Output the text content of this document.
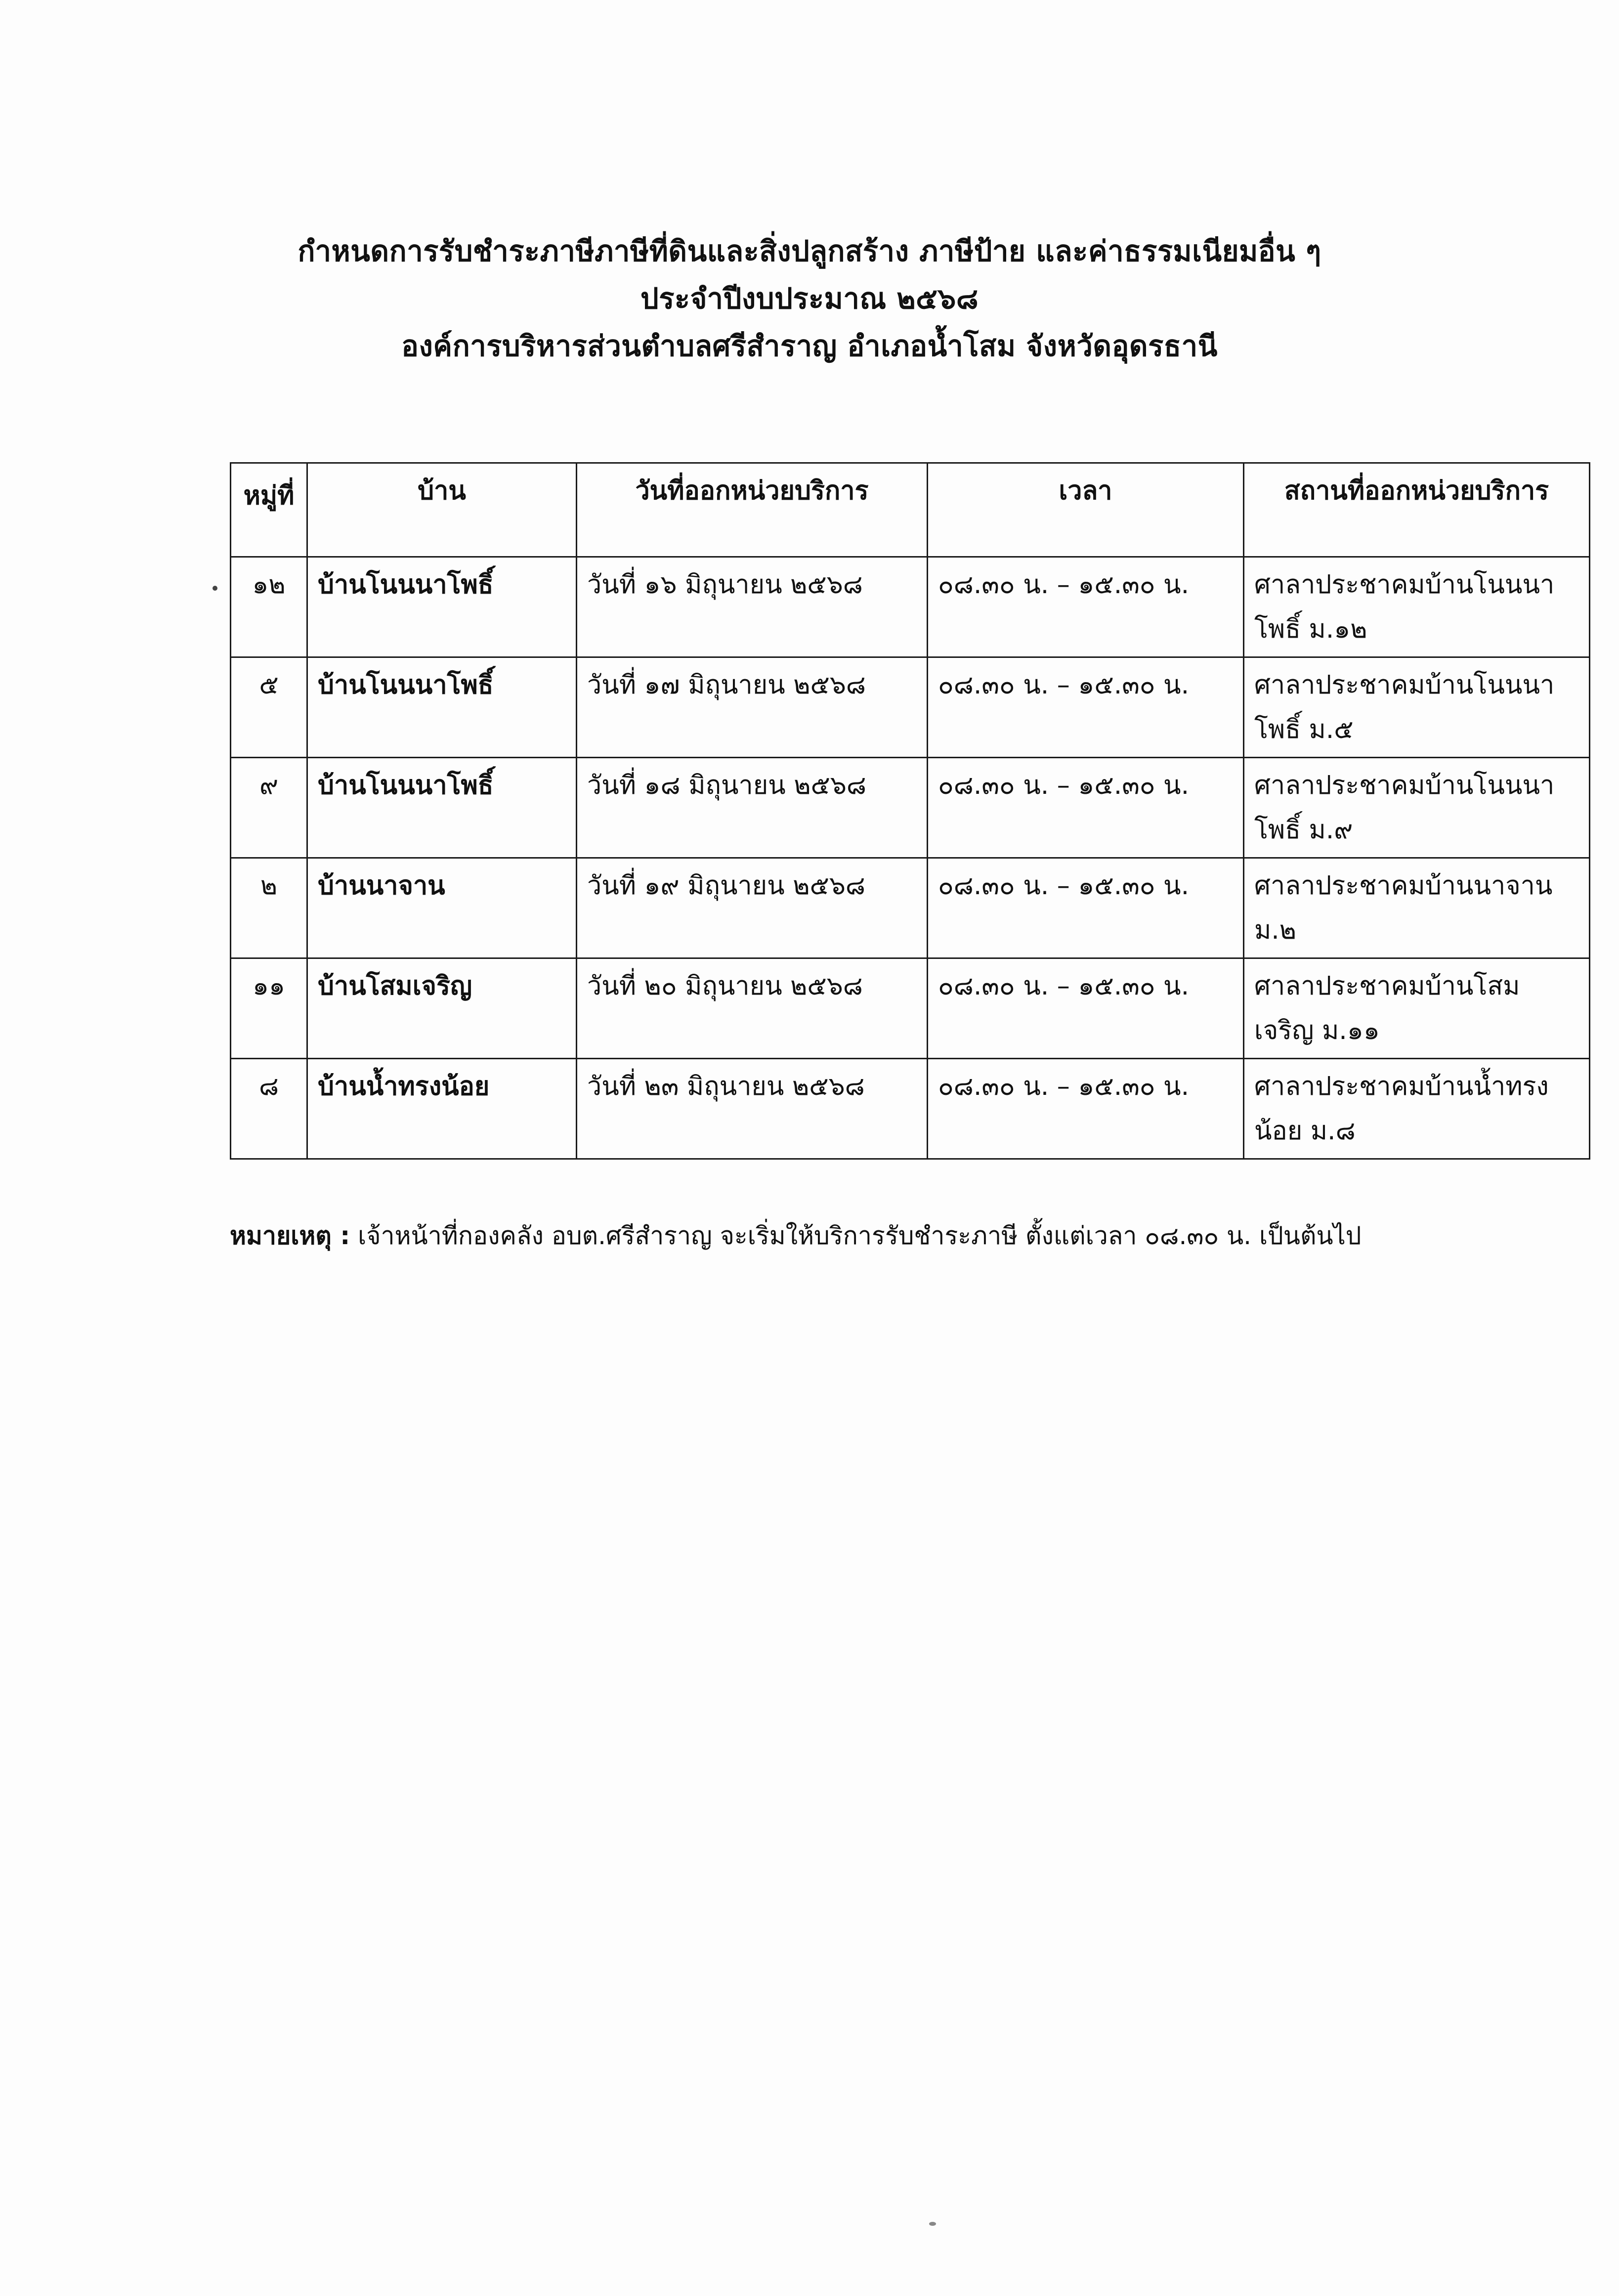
กำหนดการรับชำระภาษีภาษีที่ดินและสิ่งปลูกสร้าง ภาษีป้าย และค่าธรรมเนียมอื่น ๆ
ประจำปีงบประมาณ ๒๕๖๘
องค์การบริหารส่วนตำบลศรีสำราญ อำเภอน้ำโสม จังหวัดอุดรธานี
หมู่ที่	บ้าน	วันที่ออกหน่วยบริการ	เวลา	สถานที่ออกหน่วยบริการ
๑๒	บ้านโนนนาโพธิ์	วันที่ ๑๖ มิถุนายน ๒๕๖๘	๐๘.๓๐ น. – ๑๕.๓๐ น.	ศาลาประชาคมบ้านโนนนาโพธิ์ ม.๑๒
๕	บ้านโนนนาโพธิ์	วันที่ ๑๗ มิถุนายน ๒๕๖๘	๐๘.๓๐ น. – ๑๕.๓๐ น.	ศาลาประชาคมบ้านโนนนาโพธิ์ ม.๕
๙	บ้านโนนนาโพธิ์	วันที่ ๑๘ มิถุนายน ๒๕๖๘	๐๘.๓๐ น. – ๑๕.๓๐ น.	ศาลาประชาคมบ้านโนนนาโพธิ์ ม.๙
๒	บ้านนาจาน	วันที่ ๑๙ มิถุนายน ๒๕๖๘	๐๘.๓๐ น. – ๑๕.๓๐ น.	ศาลาประชาคมบ้านนาจาน ม.๒
๑๑	บ้านโสมเจริญ	วันที่ ๒๐ มิถุนายน ๒๕๖๘	๐๘.๓๐ น. – ๑๕.๓๐ น.	ศาลาประชาคมบ้านโสมเจริญ ม.๑๑
๘	บ้านน้ำทรงน้อย	วันที่ ๒๓ มิถุนายน ๒๕๖๘	๐๘.๓๐ น. – ๑๕.๓๐ น.	ศาลาประชาคมบ้านน้ำทรงน้อย ม.๘
หมายเหตุ : เจ้าหน้าที่กองคลัง อบต.ศรีสำราญ จะเริ่มให้บริการรับชำระภาษี ตั้งแต่เวลา ๐๘.๓๐ น. เป็นต้นไป
